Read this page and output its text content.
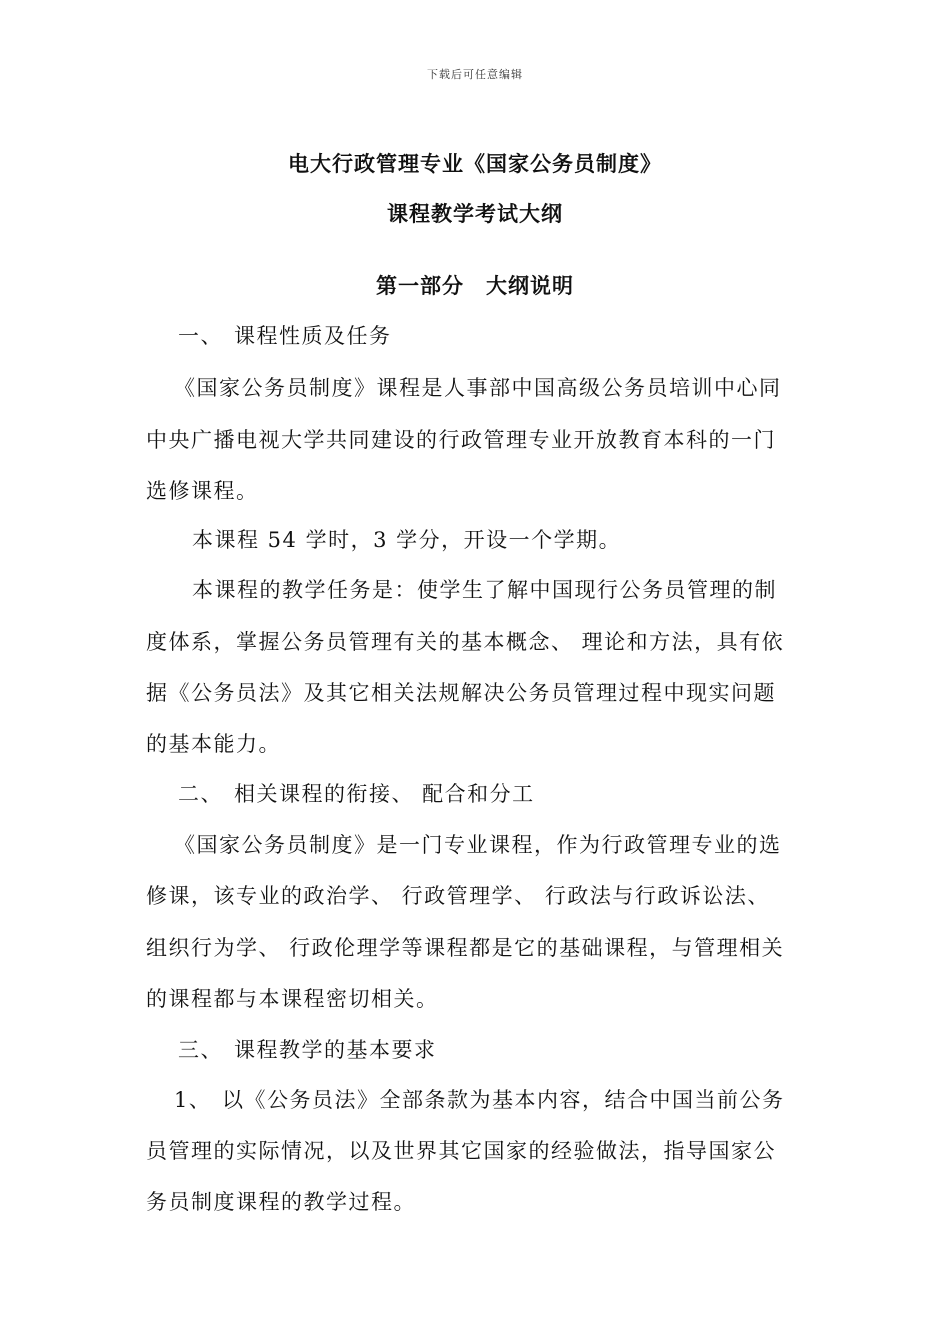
下载后可任意编辑
电大行政管理专业《国家公务员制度》
课程教学考试大纲
第一部分　大纲说明
一、 课程性质及任务
《国家公务员制度》课程是人事部中国高级公务员培训中心同
中央广播电视大学共同建设的行政管理专业开放教育本科的一门
选修课程。
本课程 54 学时，3 学分，开设一个学期。
本课程的教学任务是：使学生了解中国现行公务员管理的制
度体系，掌握公务员管理有关的基本概念、 理论和方法，具有依
据《公务员法》及其它相关法规解决公务员管理过程中现实问题
的基本能力。
二、 相关课程的衔接、 配合和分工
《国家公务员制度》是一门专业课程，作为行政管理专业的选
修课，该专业的政治学、 行政管理学、 行政法与行政诉讼法、
组织行为学、 行政伦理学等课程都是它的基础课程，与管理相关
的课程都与本课程密切相关。
三、 课程教学的基本要求
1、 以《公务员法》全部条款为基本内容，结合中国当前公务
员管理的实际情况，以及世界其它国家的经验做法，指导国家公
务员制度课程的教学过程。
